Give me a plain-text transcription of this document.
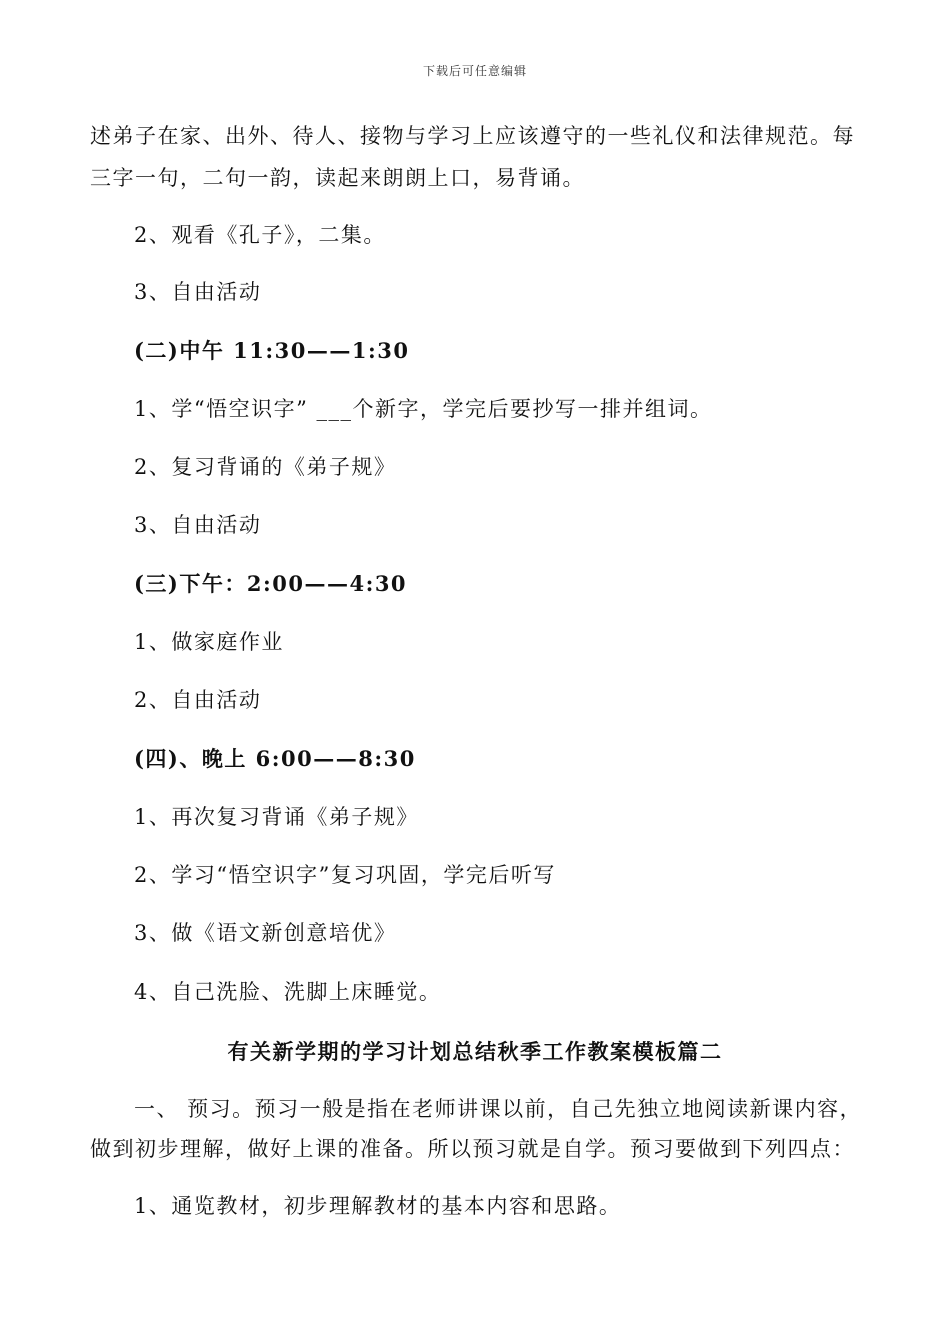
下载后可任意编辑
述弟子在家、出外、待人、接物与学习上应该遵守的一些礼仪和法律规范。每
三字一句，二句一韵，读起来朗朗上口，易背诵。
2、观看《孔子》，二集。
3、自由活动
(二)中午 11:30——1:30
1、学“悟空识字” ___个新字，学完后要抄写一排并组词。
2、复习背诵的《弟子规》
3、自由活动
(三)下午：2:00——4:30
1、做家庭作业
2、自由活动
(四)、晚上 6:00——8:30
1、再次复习背诵《弟子规》
2、学习“悟空识字”复习巩固，学完后听写
3、做《语文新创意培优》
4、自己洗脸、洗脚上床睡觉。
有关新学期的学习计划总结秋季工作教案模板篇二
一、 预习。预习一般是指在老师讲课以前，自己先独立地阅读新课内容，
做到初步理解，做好上课的准备。所以预习就是自学。预习要做到下列四点：
1、通览教材，初步理解教材的基本内容和思路。
